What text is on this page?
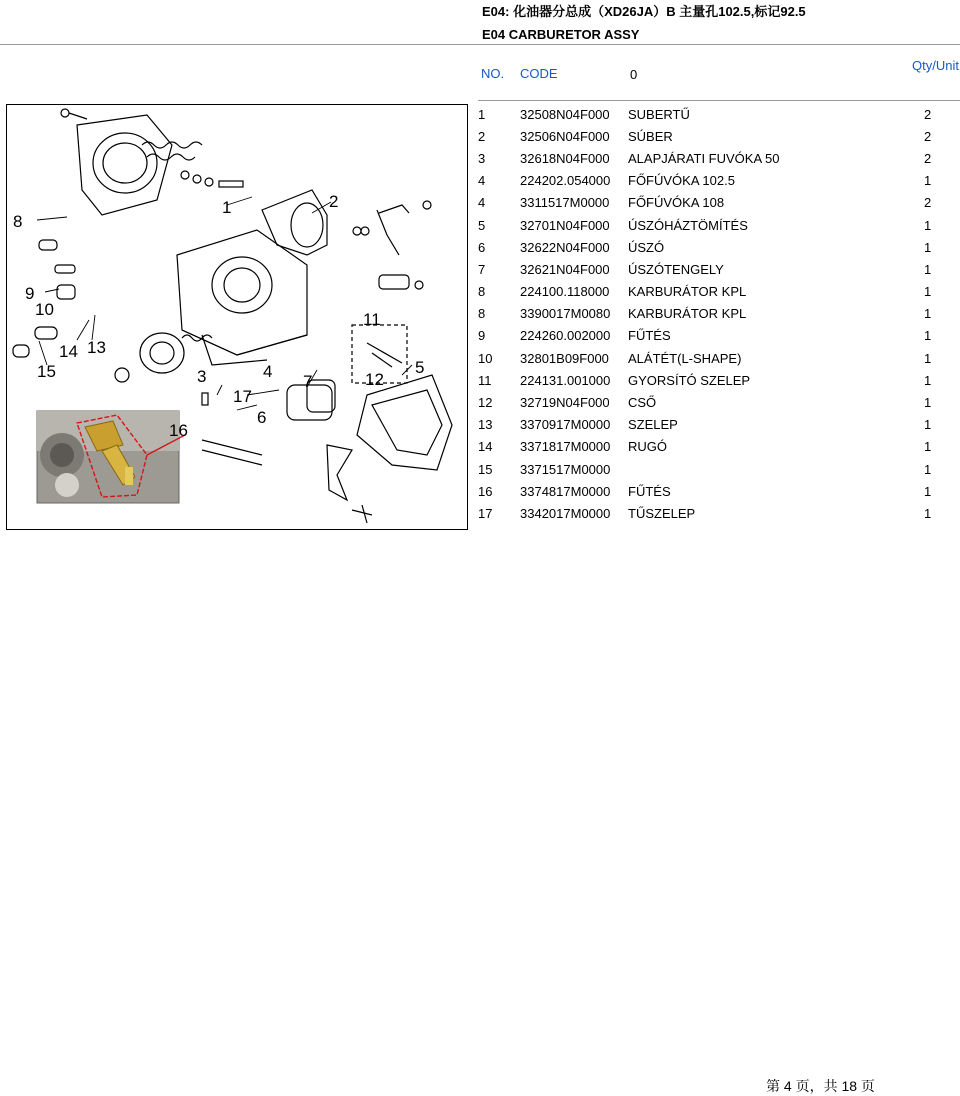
E04: 化油器分总成（XD26JA）B 主量孔102.5,标记92.5

E04 CARBURETOR ASSY

NO. CODE	0
Qty/Unit
1	32508N04F000	SUBERTŰ	2
2	32506N04F000	SÚBER	2
3	32618N04F000	ALAPJÁRATI FUVÓKA 50	2
4	224202.054000	FŐFÚVÓKA 102.5	1
4	3311517M0000	FŐFÚVÓKA 108	2
5	32701N04F000	ÚSZÓHÁZTÖMÍTÉS	1
6	32622N04F000	ÚSZÓ	1
7	32621N04F000	ÚSZÓTENGELY	1
8	224100.118000	KARBURÁTOR KPL	1
8	3390017M0080	KARBURÁTOR KPL	1
9	224260.002000	FŰTÉS	1
10	32801B09F000	ALÁTÉT(L-SHAPE)	1
11	224131.001000	GYORSÍTÓ SZELEP	1
12	32719N04F000	CSŐ	1
13	3370917M0000	SZELEP	1
14	3371817M0000	RUGÓ	1
15	3371517M0000		1
16	3374817M0000	FŰTÉS	1
17	3342017M0000	TŰSZELEP	1
1	2
3	4	5
6
7
8
9
10
11
12
13
14
15
16
17
第 4 页，共 18 页
